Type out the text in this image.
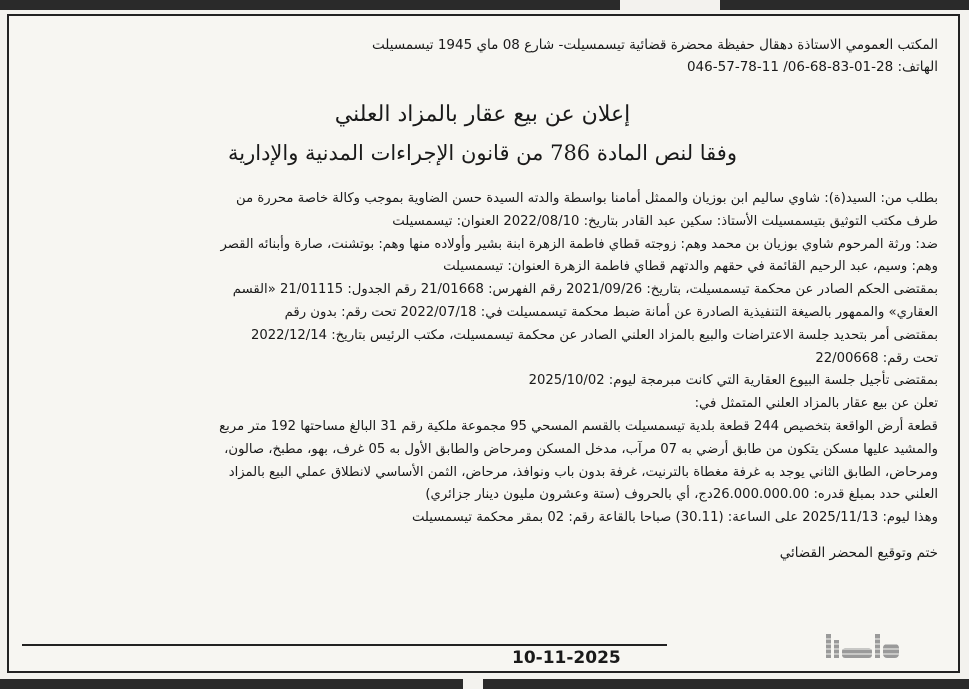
المكتب العمومي الاستاذة دهقال حفيظة محضرة قضائية تيسمسيلت- شارع 08 ماي 1945 تيسمسيلت
الهاتف: 28-01-83-68-06/ 11-78-57-046
إعلان عن بيع عقار بالمزاد العلني
وفقا لنص المادة 786 من قانون الإجراءات المدنية والإدارية

بطلب من: السيد(ة): شاوي ساليم ابن بوزيان والممثل أمامنا بواسطة والدته السيدة حسن الضاوية بموجب وكالة خاصة محررة من

طرف مكتب التوثيق بتيسمسيلت الأستاذ: سكين عبد القادر بتاريخ: 2022/08/10 العنوان: تيسمسيلت

ضد: ورثة المرحوم شاوي بوزيان بن محمد وهم: زوجته قطاي فاطمة الزهرة ابنة بشير وأولاده منها وهم: بوتشنت، صارة وأبنائه القصر

وهم: وسيم، عبد الرحيم القائمة في حقهم والدتهم قطاي فاطمة الزهرة العنوان: تيسمسيلت

بمقتضى الحكم الصادر عن محكمة تيسمسيلت، بتاريخ: 2021/09/26 رقم الفهرس: 21/01668 رقم الجدول: 21/01115 «القسم

العقاري» والممهور بالصيغة التنفيذية الصادرة عن أمانة ضبط محكمة تيسمسيلت في: 2022/07/18 تحت رقم: بدون رقم

بمقتضى أمر بتحديد جلسة الاعتراضات والبيع بالمزاد العلني الصادر عن محكمة تيسمسيلت، مكتب الرئيس بتاريخ: 2022/12/14

تحت رقم: 22/00668

بمقتضى تأجيل جلسة البيوع العقارية التي كانت مبرمجة ليوم: 2025/10/02

تعلن عن بيع عقار بالمزاد العلني المتمثل في:

قطعة أرض الواقعة بتخصيص 244 قطعة بلدية تيسمسيلت بالقسم المسحي 95 مجموعة ملكية رقم 31 البالغ مساحتها 192 متر مربع

والمشيد عليها مسكن يتكون من طابق أرضي به 07 مرآب، مدخل المسكن ومرحاض والطابق الأول به 05 غرف، بهو، مطبخ، صالون،

ومرحاض، الطابق الثاني يوجد به غرفة مغطاة بالترنيت، غرفة بدون باب ونوافذ، مرحاض، الثمن الأساسي لانطلاق عملي البيع بالمزاد

العلني حدد بمبلغ قدره: 26.000.000.00دج، أي بالحروف (ستة وعشرون مليون دينار جزائري)

وهذا ليوم: 2025/11/13 على الساعة: (30.11) صباحا بالقاعة رقم: 02 بمقر محكمة تيسمسيلت

ختم وتوقيع المحضر القضائي
10-11-2025
